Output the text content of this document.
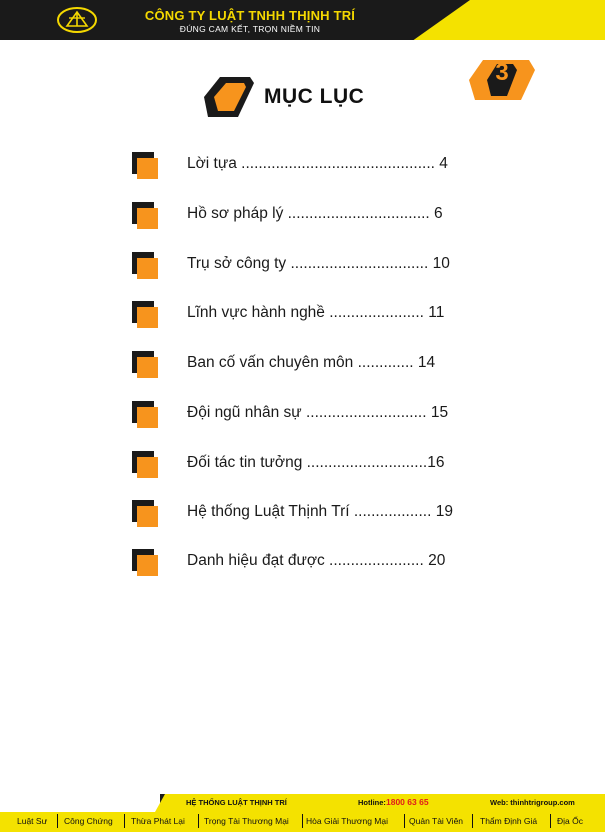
CÔNG TY LUẬT TNHH THỊNH TRÍ
ĐÚNG CAM KẾT, TRỌN NIỀM TIN
MỤC LỤC
3
Lời tựa ............................................. 4
Hồ sơ pháp lý ................................. 6
Trụ sở công ty ................................ 10
Lĩnh vực hành nghề ...................... 11
Ban cố vấn chuyên môn ............. 14
Đội ngũ nhân sự ............................ 15
Đối tác tin tưởng ............................16
Hệ thống Luật Thịnh Trí .................. 19
Danh hiệu đạt được ...................... 20
HỆ THỐNG LUẬT THỊNH TRÍ	Hotline: 1800 63 65	Web: thinhtrigroup.com
Luật Sư Công Chứng Thừa Phát Lại Trọng Tài Thương Mại Hòa Giải Thương Mại Quản Tài Viên Thẩm Định Giá Địa Ốc
